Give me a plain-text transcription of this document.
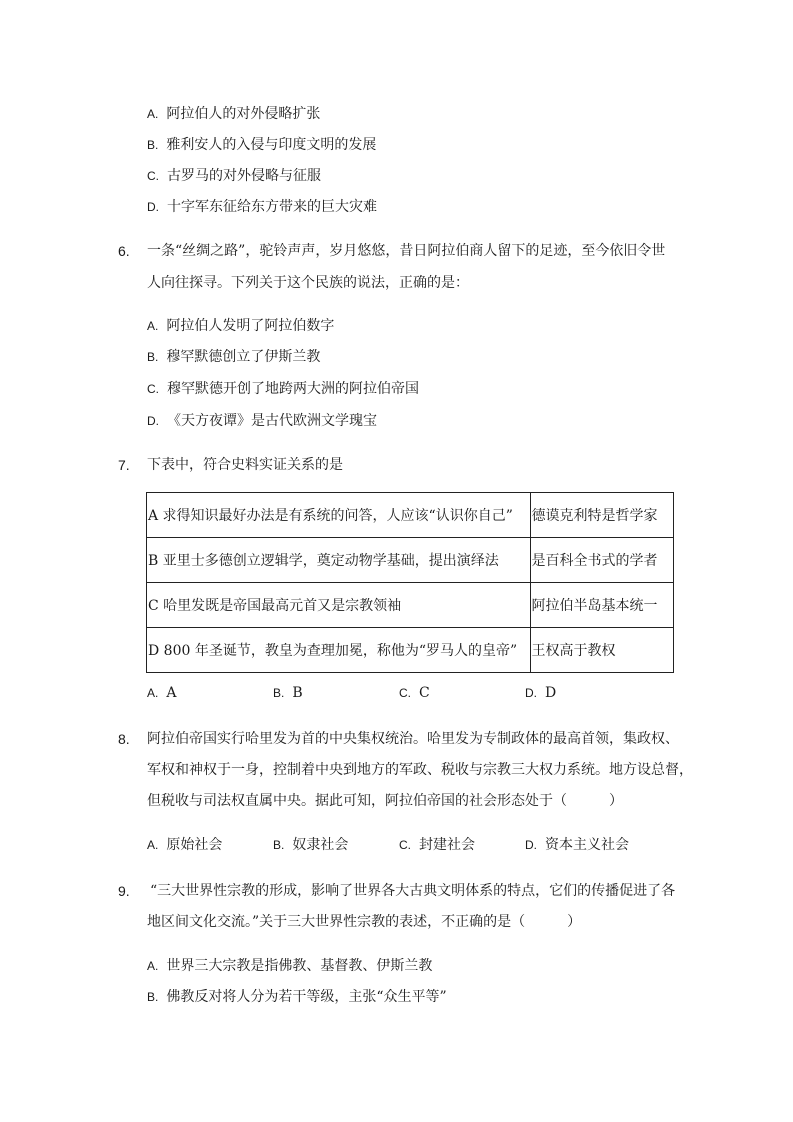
A. 阿拉伯人的对外侵略扩张
B. 雅利安人的入侵与印度文明的发展
C. 古罗马的对外侵略与征服
D. 十字军东征给东方带来的巨大灾难
6. 一条“丝绸之路”，驼铃声声，岁月悠悠，昔日阿拉伯商人留下的足迹，至今依旧令世
人向往探寻。下列关于这个民族的说法，正确的是：
A. 阿拉伯人发明了阿拉伯数字
B. 穆罕默德创立了伊斯兰教
C. 穆罕默德开创了地跨两大洲的阿拉伯帝国
D. 《天方夜谭》是古代欧洲文学瑰宝
7. 下表中，符合史料实证关系的是
A 求得知识最好办法是有系统的问答，人应该“认识你自己”	德谟克利特是哲学家
B 亚里士多德创立逻辑学，奠定动物学基础，提出演绎法	是百科全书式的学者
C 哈里发既是帝国最高元首又是宗教领袖	阿拉伯半岛基本统一
D 800 年圣诞节，教皇为查理加冕，称他为“罗马人的皇帝”	王权高于教权
A. A	B. B	C. C	D. D
8. 阿拉伯帝国实行哈里发为首的中央集权统治。哈里发为专制政体的最高首领，集政权、
军权和神权于一身，控制着中央到地方的军政、税收与宗教三大权力系统。地方设总督，
但税收与司法权直属中央。据此可知，阿拉伯帝国的社会形态处于（　　　）
A. 原始社会	B. 奴隶社会	C. 封建社会	D. 资本主义社会
9. “三大世界性宗教的形成，影响了世界各大古典文明体系的特点，它们的传播促进了各
地区间文化交流。”关于三大世界性宗教的表述，不正确的是（　　　）
A. 世界三大宗教是指佛教、基督教、伊斯兰教
B. 佛教反对将人分为若干等级，主张“众生平等”
